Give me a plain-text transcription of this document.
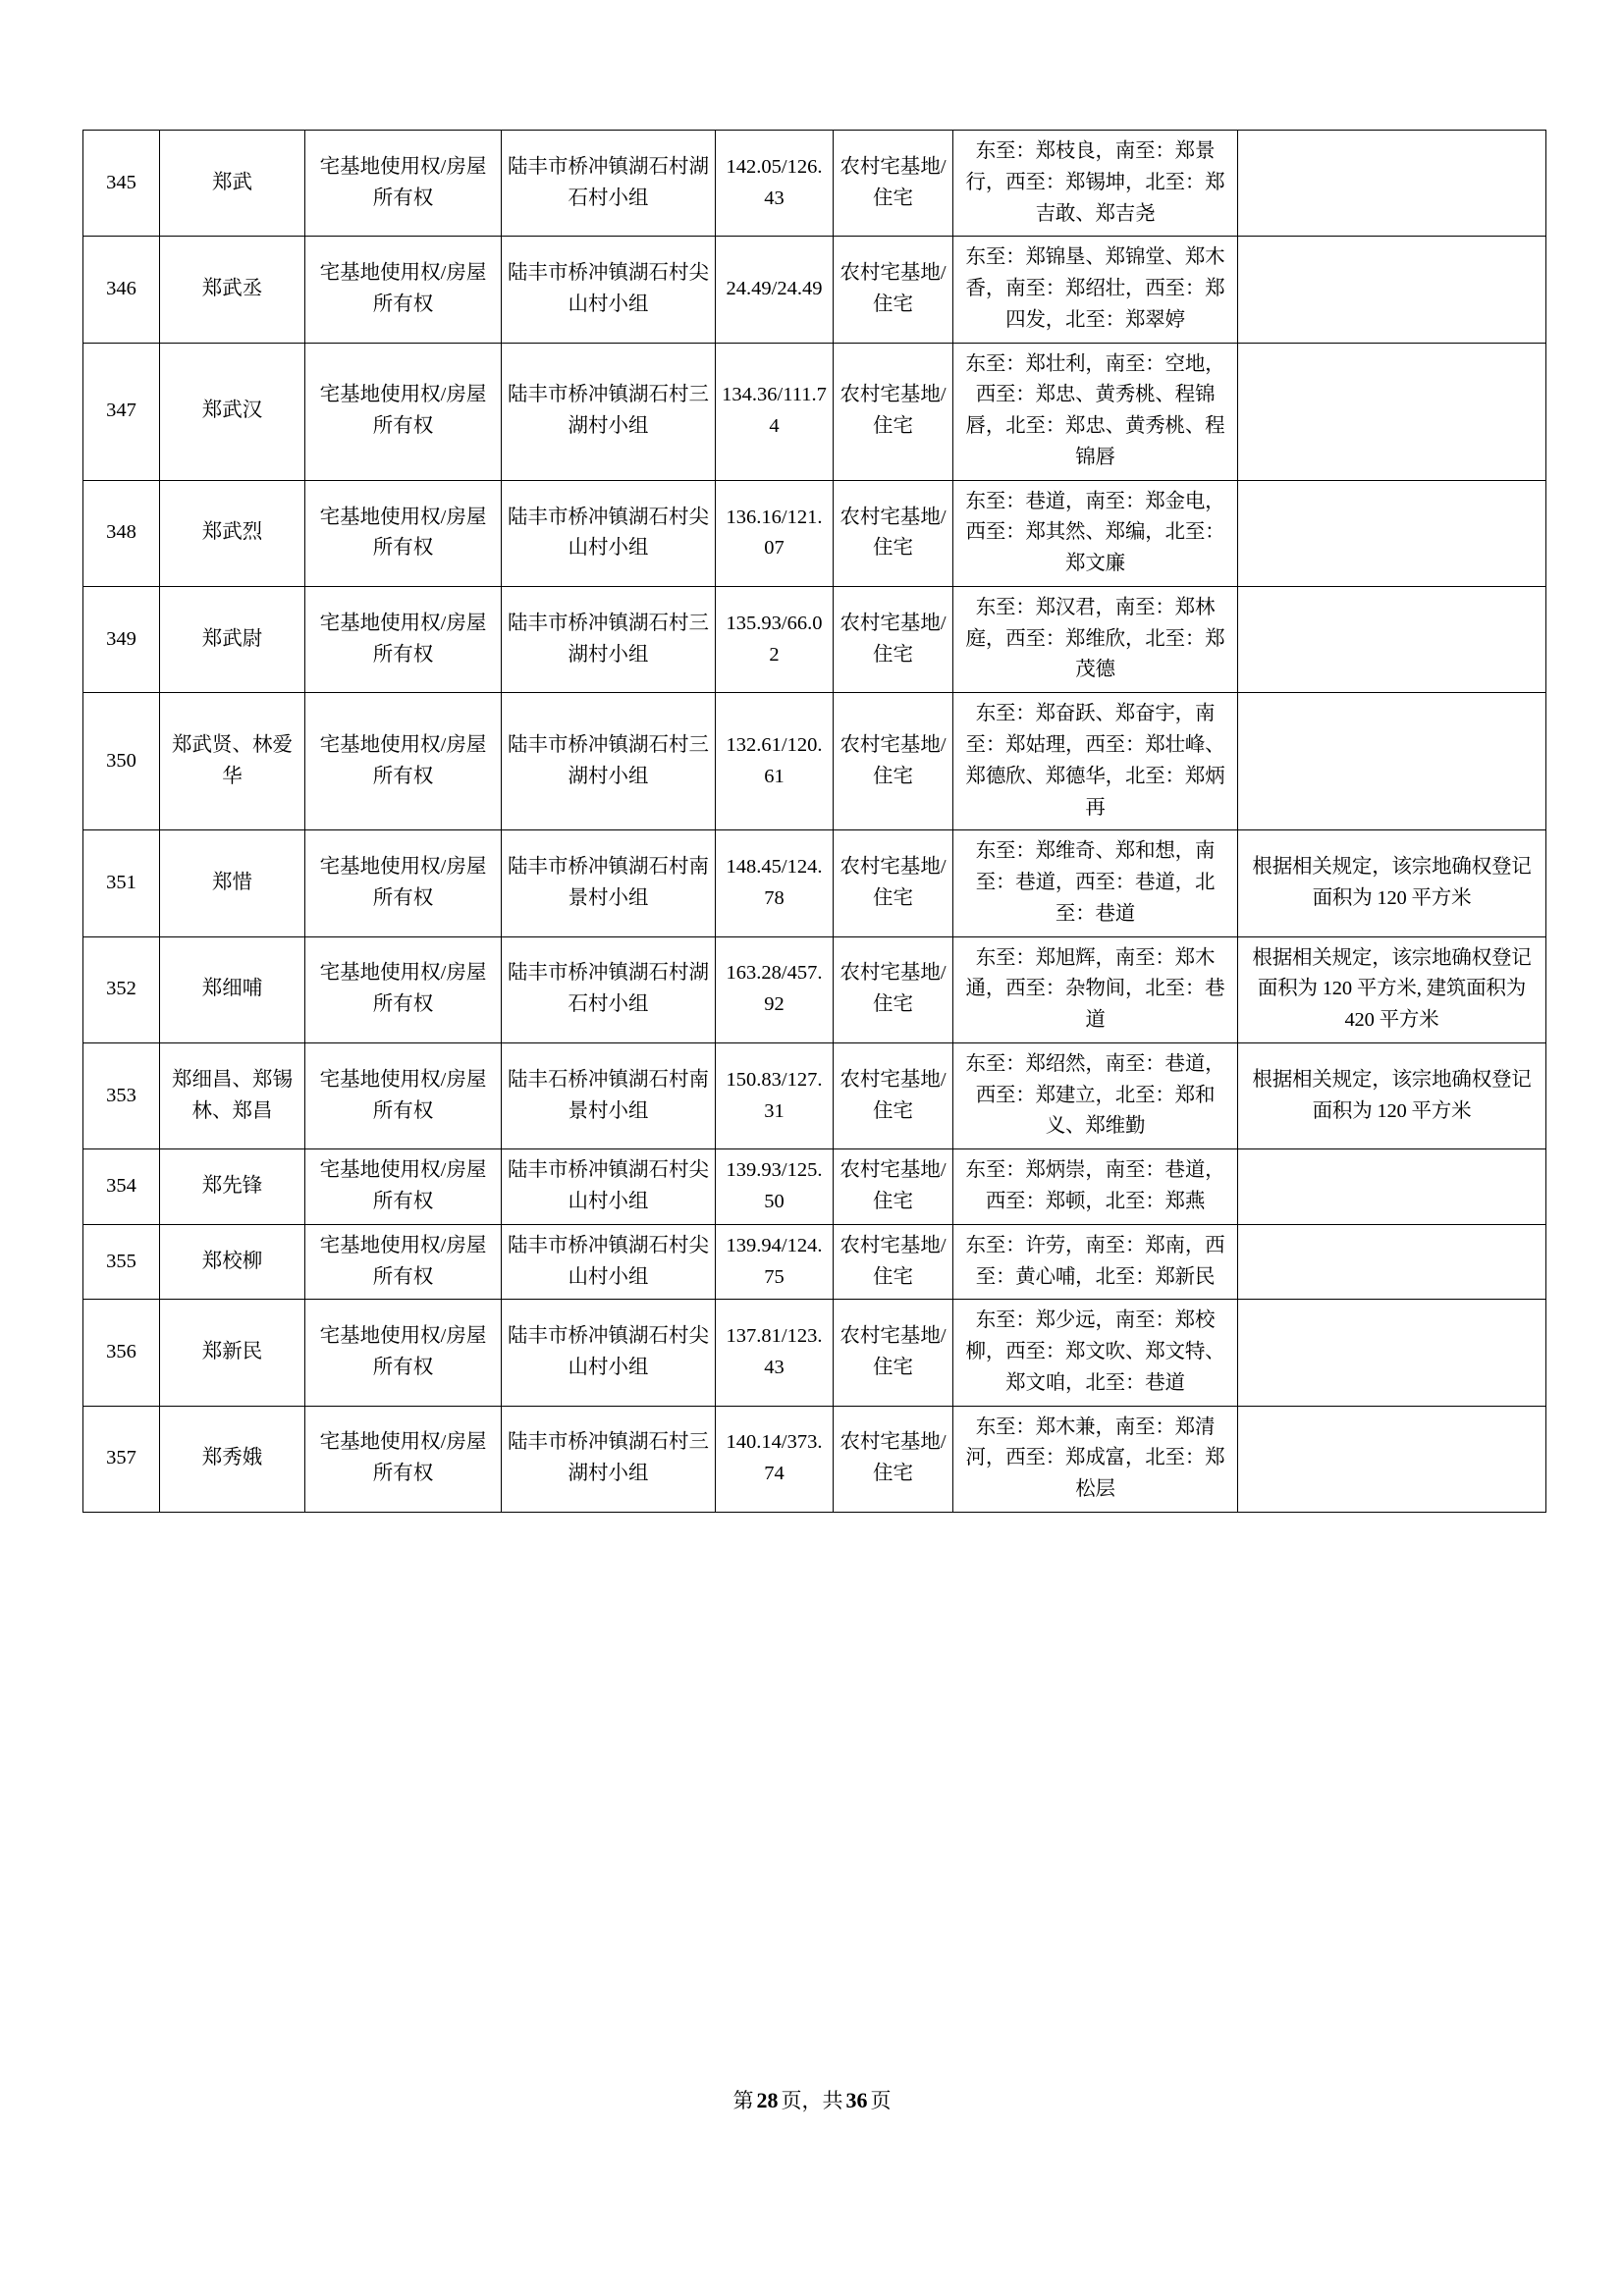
345	郑武	宅基地使用权/房屋所有权	陆丰市桥冲镇湖石村湖石村小组	142.05/126.43	农村宅基地/住宅	东至：郑枝良，南至：郑景行，西至：郑锡坤，北至：郑吉敢、郑吉尧	
346	郑武丞	宅基地使用权/房屋所有权	陆丰市桥冲镇湖石村尖山村小组	24.49/24.49	农村宅基地/住宅	东至：郑锦垦、郑锦堂、郑木香，南至：郑绍壮，西至：郑四发，北至：郑翠婷	
347	郑武汉	宅基地使用权/房屋所有权	陆丰市桥冲镇湖石村三湖村小组	134.36/111.74	农村宅基地/住宅	东至：郑壮利，南至：空地，西至：郑忠、黄秀桃、程锦唇，北至：郑忠、黄秀桃、程锦唇	
348	郑武烈	宅基地使用权/房屋所有权	陆丰市桥冲镇湖石村尖山村小组	136.16/121.07	农村宅基地/住宅	东至：巷道，南至：郑金电，西至：郑其然、郑编，北至：郑文廉	
349	郑武尉	宅基地使用权/房屋所有权	陆丰市桥冲镇湖石村三湖村小组	135.93/66.02	农村宅基地/住宅	东至：郑汉君，南至：郑林庭，西至：郑维欣，北至：郑茂德	
350	郑武贤、林爱华	宅基地使用权/房屋所有权	陆丰市桥冲镇湖石村三湖村小组	132.61/120.61	农村宅基地/住宅	东至：郑奋跃、郑奋宇，南至：郑姑理，西至：郑壮峰、郑德欣、郑德华，北至：郑炳再	
351	郑惜	宅基地使用权/房屋所有权	陆丰市桥冲镇湖石村南景村小组	148.45/124.78	农村宅基地/住宅	东至：郑维奇、郑和想，南至：巷道，西至：巷道，北至：巷道	根据相关规定，该宗地确权登记面积为 120 平方米
352	郑细哺	宅基地使用权/房屋所有权	陆丰市桥冲镇湖石村湖石村小组	163.28/457.92	农村宅基地/住宅	东至：郑旭辉，南至：郑木通，西至：杂物间，北至：巷道	根据相关规定，该宗地确权登记面积为 120 平方米, 建筑面积为 420 平方米
353	郑细昌、郑锡林、郑昌	宅基地使用权/房屋所有权	陆丰石桥冲镇湖石村南景村小组	150.83/127.31	农村宅基地/住宅	东至：郑绍然，南至：巷道，西至：郑建立，北至：郑和义、郑维勤	根据相关规定，该宗地确权登记面积为 120 平方米
354	郑先锋	宅基地使用权/房屋所有权	陆丰市桥冲镇湖石村尖山村小组	139.93/125.50	农村宅基地/住宅	东至：郑炳崇，南至：巷道，西至：郑顿，北至：郑燕	
355	郑校柳	宅基地使用权/房屋所有权	陆丰市桥冲镇湖石村尖山村小组	139.94/124.75	农村宅基地/住宅	东至：许劳，南至：郑南，西至：黄心哺，北至：郑新民	
356	郑新民	宅基地使用权/房屋所有权	陆丰市桥冲镇湖石村尖山村小组	137.81/123.43	农村宅基地/住宅	东至：郑少远，南至：郑校柳，西至：郑文吹、郑文特、郑文咱，北至：巷道	
357	郑秀娥	宅基地使用权/房屋所有权	陆丰市桥冲镇湖石村三湖村小组	140.14/373.74	农村宅基地/住宅	东至：郑木兼，南至：郑清河，西至：郑成富，北至：郑松层	
第 28 页，共 36 页
